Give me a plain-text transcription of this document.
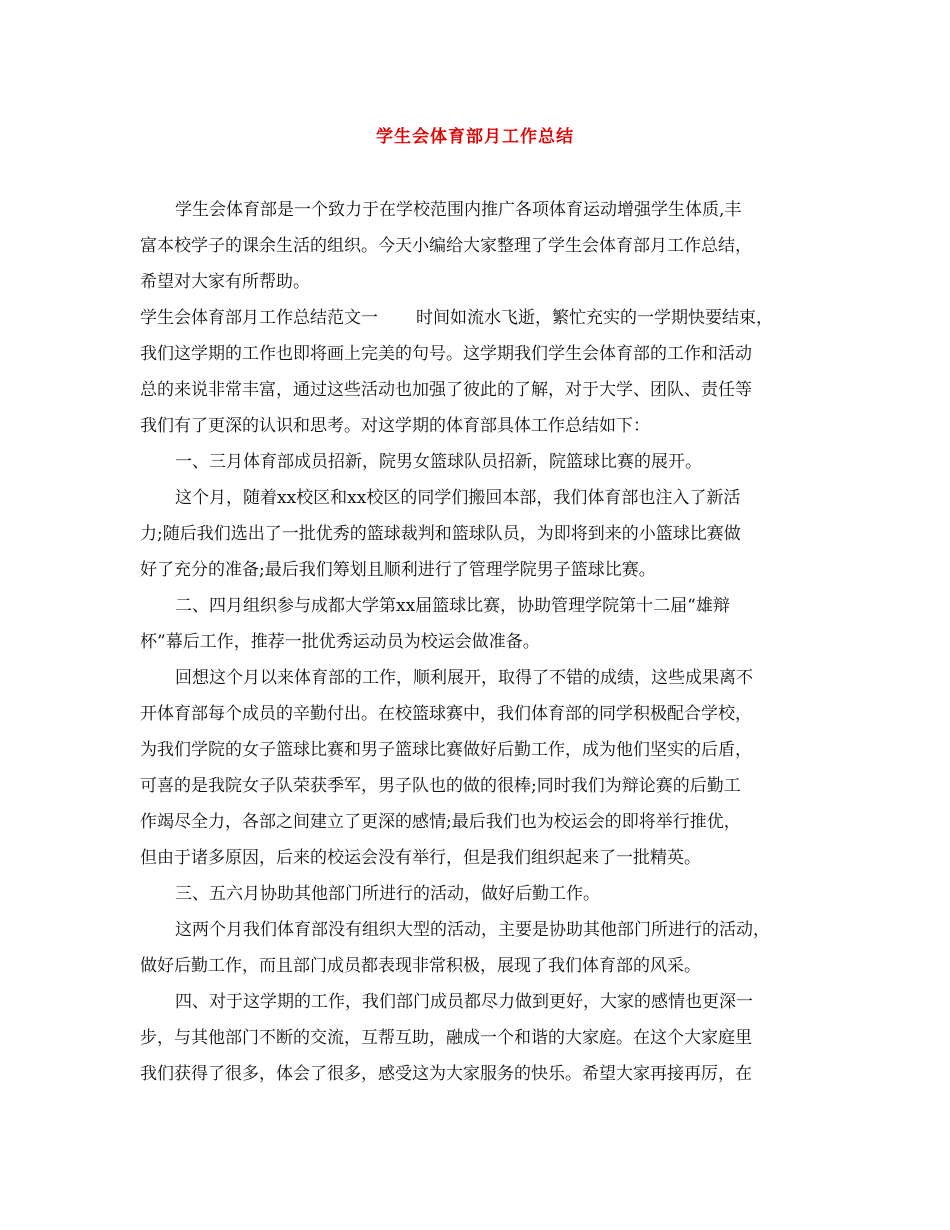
学生会体育部月工作总结
学生会体育部是一个致力于在学校范围内推广各项体育运动增强学生体质,丰
富本校学子的课余生活的组织。今天小编给大家整理了学生会体育部月工作总结，
希望对大家有所帮助。
学生会体育部月工作总结范文一 时间如流水飞逝，繁忙充实的一学期快要结束，
我们这学期的工作也即将画上完美的句号。这学期我们学生会体育部的工作和活动
总的来说非常丰富，通过这些活动也加强了彼此的了解，对于大学、团队、责任等
我们有了更深的认识和思考。对这学期的体育部具体工作总结如下：
一、三月体育部成员招新，院男女篮球队员招新，院篮球比赛的展开。
这个月，随着xx校区和xx校区的同学们搬回本部，我们体育部也注入了新活
力;随后我们选出了一批优秀的篮球裁判和篮球队员，为即将到来的小篮球比赛做
好了充分的准备;最后我们筹划且顺利进行了管理学院男子篮球比赛。
二、四月组织参与成都大学第xx届篮球比赛，协助管理学院第十二届“雄辩
杯”幕后工作，推荐一批优秀运动员为校运会做准备。
回想这个月以来体育部的工作，顺利展开，取得了不错的成绩，这些成果离不
开体育部每个成员的辛勤付出。在校篮球赛中，我们体育部的同学积极配合学校，
为我们学院的女子篮球比赛和男子篮球比赛做好后勤工作，成为他们坚实的后盾，
可喜的是我院女子队荣获季军，男子队也的做的很棒;同时我们为辩论赛的后勤工
作竭尽全力，各部之间建立了更深的感情;最后我们也为校运会的即将举行推优，
但由于诸多原因，后来的校运会没有举行，但是我们组织起来了一批精英。
三、五六月协助其他部门所进行的活动，做好后勤工作。
这两个月我们体育部没有组织大型的活动，主要是协助其他部门所进行的活动，
做好后勤工作，而且部门成员都表现非常积极，展现了我们体育部的风采。
四、对于这学期的工作，我们部门成员都尽力做到更好，大家的感情也更深一
步，与其他部门不断的交流，互帮互助，融成一个和谐的大家庭。在这个大家庭里
我们获得了很多，体会了很多，感受这为大家服务的快乐。希望大家再接再厉，在
